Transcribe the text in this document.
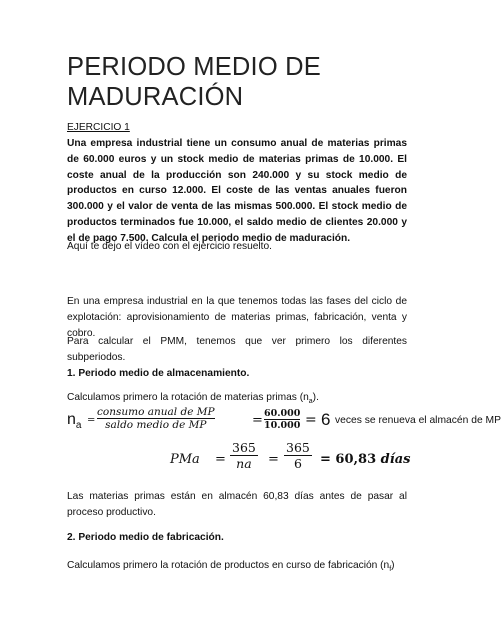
PERIODO MEDIO DE
MADURACIÓN
EJERCICIO 1
Una empresa industrial tiene un consumo anual de materias primas de 60.000 euros y un stock medio de materias primas de 10.000. El coste anual de la producción son 240.000 y su stock medio de productos en curso 12.000. El coste de las ventas anuales fueron 300.000 y el valor de venta de las mismas 500.000. El stock medio de productos terminados fue 10.000, el saldo medio de clientes 20.000 y el de pago 7.500. Calcula el periodo medio de maduración.
Aquí te dejo el vídeo con el ejercicio resuelto.
En una empresa industrial en la que tenemos todas las fases del ciclo de explotación: aprovisionamiento de materias primas, fabricación, venta y cobro.
Para calcular el PMM, tenemos que ver primero los diferentes subperiodos.
1. Periodo medio de almacenamiento.
Calculamos primero la rotación de materias primas $(n_a)$.
$n_a$ =
consumo anual de MP
saldo medio de MP	= 60.000
10.000 = 6 veces se renueva el almacén de MP
PMa =
365
na =
365
6 = 60,83 días
Las materias primas están en almacén 60,83 días antes de pasar al proceso productivo.
2. Periodo medio de fabricación.
Calculamos primero la rotación de productos en curso de fabricación $(n_f)$
